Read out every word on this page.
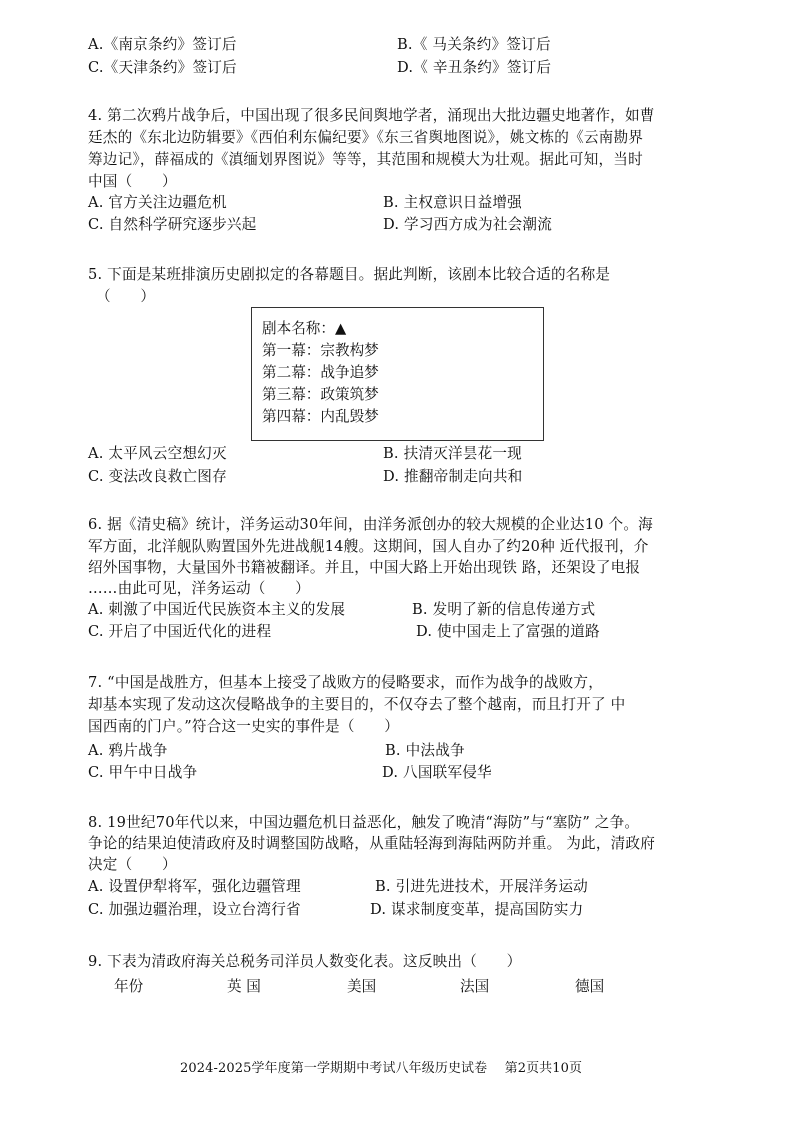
A.《南京条约》签订后	B.《 马关条约》签订后
C.《天津条约》签订后	D.《 辛丑条约》签订后
4. 第二次鸦片战争后，中国出现了很多民间舆地学者，涌现出大批边疆史地著作，如曹
廷杰的《东北边防辑要》《西伯利东偏纪要》《东三省舆地图说》，姚文栋的《云南勘界
筹边记》，薛福成的《滇缅划界图说》等等，其范围和规模大为壮观。据此可知，当时
中国（　　）
A. 官方关注边疆危机	B. 主权意识日益增强
C. 自然科学研究逐步兴起	D. 学习西方成为社会潮流
5. 下面是某班排演历史剧拟定的各幕题目。据此判断，该剧本比较合适的名称是
（　　）
剧本名称：▲
第一幕：宗教构梦
第二幕：战争追梦
第三幕：政策筑梦
第四幕：内乱毁梦
A. 太平风云空想幻灭	B. 扶清灭洋昙花一现
C. 变法改良救亡图存	D. 推翻帝制走向共和
6. 据《清史稿》统计，洋务运动30年间，由洋务派创办的较大规模的企业达10 个。海
军方面，北洋舰队购置国外先进战舰14艘。这期间，国人自办了约20种 近代报刊，介
绍外国事物，大量国外书籍被翻译。并且，中国大路上开始出现铁 路，还架设了电报
……由此可见，洋务运动（　　）
A. 刺激了中国近代民族资本主义的发展	B. 发明了新的信息传递方式
C. 开启了中国近代化的进程	D. 使中国走上了富强的道路
7. “中国是战胜方，但基本上接受了战败方的侵略要求，而作为战争的战败方，
却基本实现了发动这次侵略战争的主要目的，不仅夺去了整个越南，而且打开了 中
国西南的门户。”符合这一史实的事件是（　　）
A. 鸦片战争	B. 中法战争
C. 甲午中日战争	D. 八国联军侵华
8. 19世纪70年代以来，中国边疆危机日益恶化，触发了晚清“海防”与“塞防” 之争。
争论的结果迫使清政府及时调整国防战略，从重陆轻海到海陆两防并重。 为此，清政府
决定（　　）
A. 设置伊犁将军，强化边疆管理	B. 引进先进技术，开展洋务运动
C. 加强边疆治理，设立台湾行省	D. 谋求制度变革，提高国防实力
9. 下表为清政府海关总税务司洋员人数变化表。这反映出（　　）
年份	英 国	美国	法国	德国
2024-2025学年度第一学期期中考试八年级历史试卷　 第2页共10页
